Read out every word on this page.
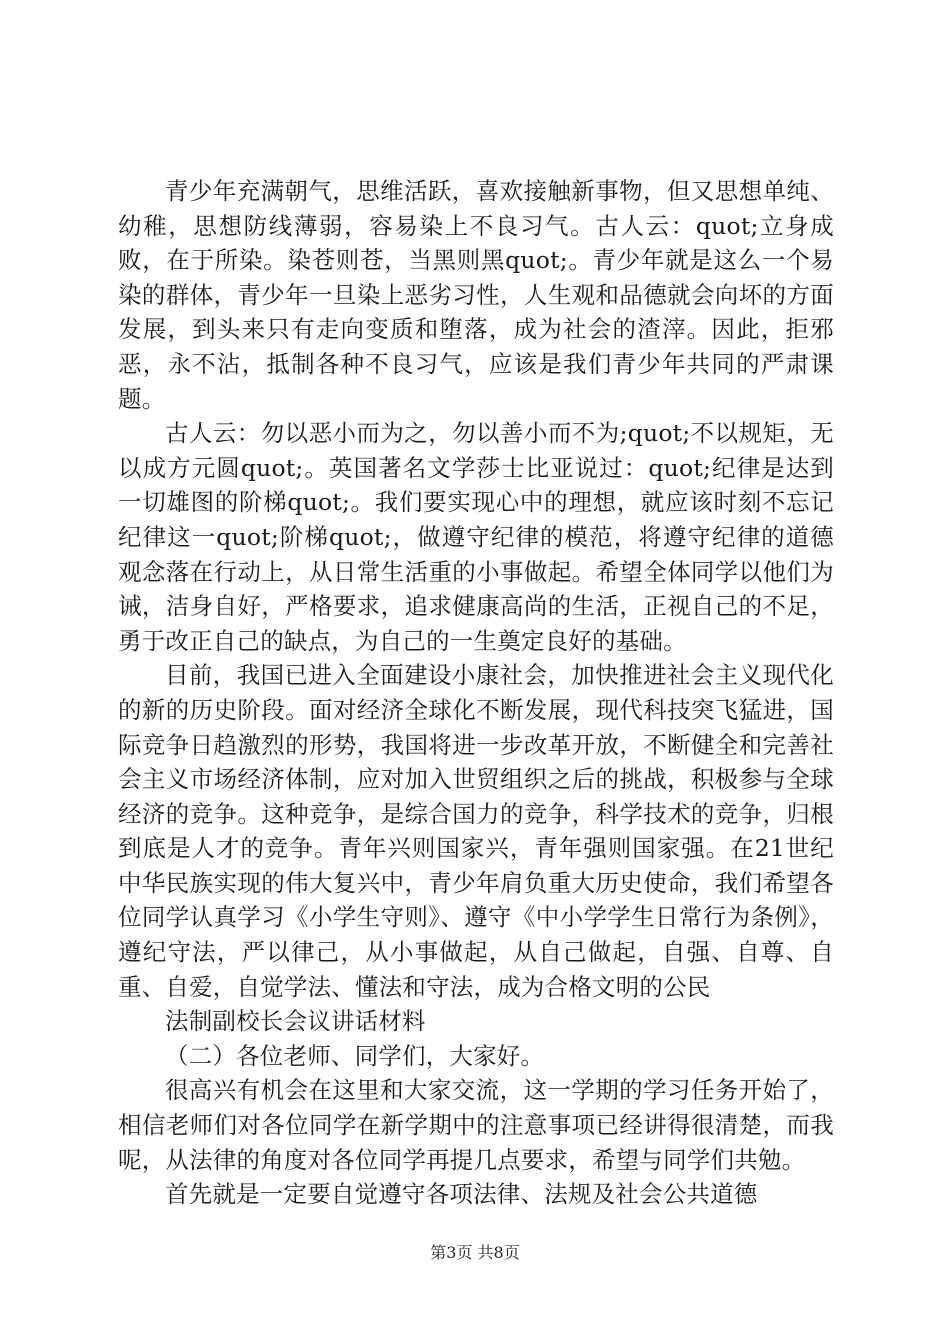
青少年充满朝气，思维活跃，喜欢接触新事物，但又思想单纯、幼稚，思想防线薄弱，容易染上不良习气。古人云：quot;立身成败，在于所染。染苍则苍，当黑则黑quot;。青少年就是这么一个易染的群体，青少年一旦染上恶劣习性，人生观和品德就会向坏的方面发展，到头来只有走向变质和堕落，成为社会的渣滓。因此，拒邪恶，永不沾，抵制各种不良习气，应该是我们青少年共同的严肃课题。

古人云：勿以恶小而为之，勿以善小而不为;quot;不以规矩，无以成方元圆quot;。英国著名文学莎士比亚说过：quot;纪律是达到一切雄图的阶梯quot;。我们要实现心中的理想，就应该时刻不忘记纪律这一quot;阶梯quot;，做遵守纪律的模范，将遵守纪律的道德观念落在行动上，从日常生活重的小事做起。希望全体同学以他们为诫，洁身自好，严格要求，追求健康高尚的生活，正视自己的不足，勇于改正自己的缺点，为自己的一生奠定良好的基础。

目前，我国已进入全面建设小康社会，加快推进社会主义现代化的新的历史阶段。面对经济全球化不断发展，现代科技突飞猛进，国际竞争日趋激烈的形势，我国将进一步改革开放，不断健全和完善社会主义市场经济体制，应对加入世贸组织之后的挑战，积极参与全球经济的竞争。这种竞争，是综合国力的竞争，科学技术的竞争，归根到底是人才的竞争。青年兴则国家兴，青年强则国家强。在21世纪中华民族实现的伟大复兴中，青少年肩负重大历史使命，我们希望各位同学认真学习《小学生守则》、遵守《中小学学生日常行为条例》，遵纪守法，严以律己，从小事做起，从自己做起，自强、自尊、自重、自爱，自觉学法、懂法和守法，成为合格文明的公民

法制副校长会议讲话材料

（二）各位老师、同学们，大家好。

很高兴有机会在这里和大家交流，这一学期的学习任务开始了，相信老师们对各位同学在新学期中的注意事项已经讲得很清楚，而我呢，从法律的角度对各位同学再提几点要求，希望与同学们共勉。

首先就是一定要自觉遵守各项法律、法规及社会公共道德

第3页 共8页
